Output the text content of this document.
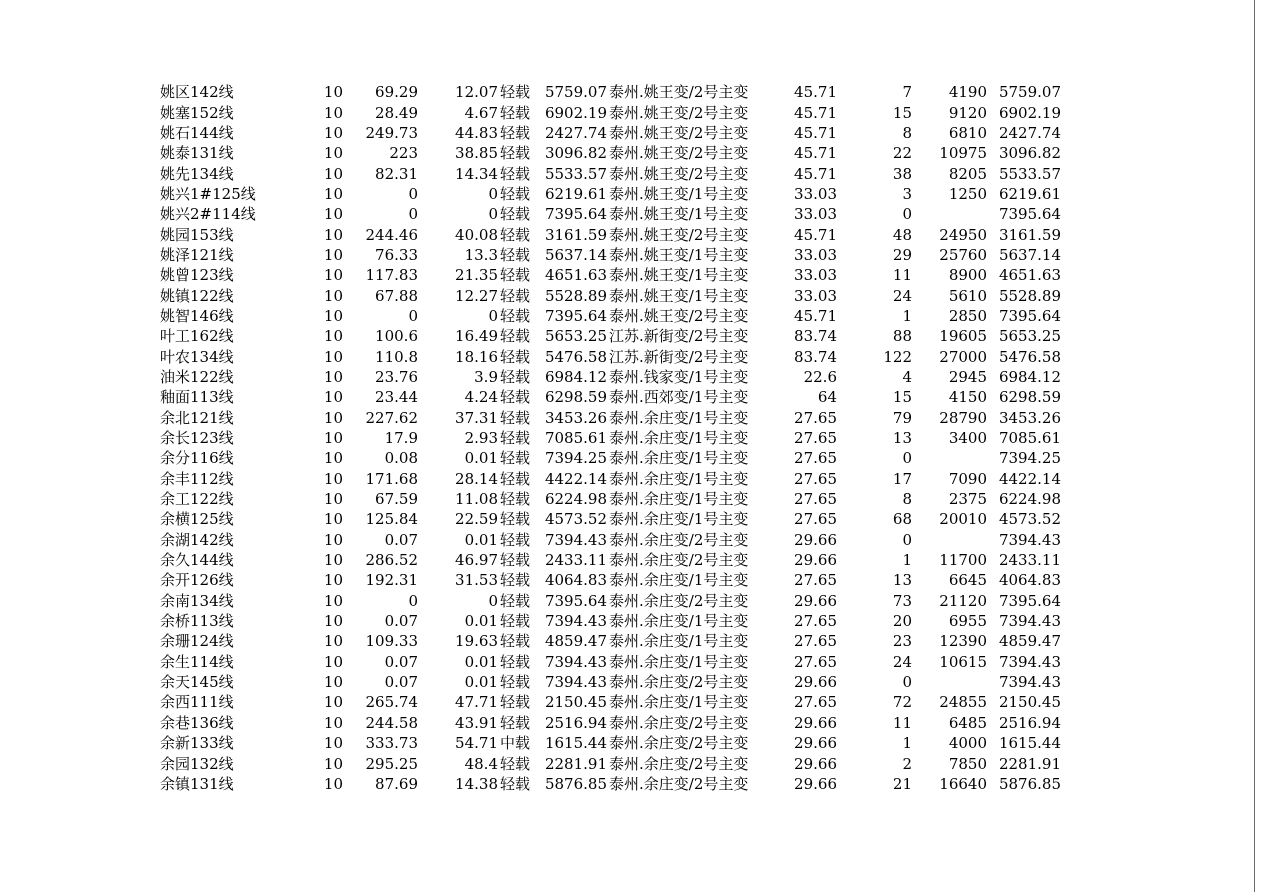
姚区142线	10	69.29	12.07	轻载	5759.07	泰州.姚王变/2号主变	45.71	7	4190	5759.07
姚塞152线	10	28.49	4.67	轻载	6902.19	泰州.姚王变/2号主变	45.71	15	9120	6902.19
姚石144线	10	249.73	44.83	轻载	2427.74	泰州.姚王变/2号主变	45.71	8	6810	2427.74
姚泰131线	10	223	38.85	轻载	3096.82	泰州.姚王变/2号主变	45.71	22	10975	3096.82
姚先134线	10	82.31	14.34	轻载	5533.57	泰州.姚王变/2号主变	45.71	38	8205	5533.57
姚兴1#125线	10	0	0	轻载	6219.61	泰州.姚王变/1号主变	33.03	3	1250	6219.61
姚兴2#114线	10	0	0	轻载	7395.64	泰州.姚王变/1号主变	33.03	0		7395.64
姚园153线	10	244.46	40.08	轻载	3161.59	泰州.姚王变/2号主变	45.71	48	24950	3161.59
姚泽121线	10	76.33	13.3	轻载	5637.14	泰州.姚王变/1号主变	33.03	29	25760	5637.14
姚曾123线	10	117.83	21.35	轻载	4651.63	泰州.姚王变/1号主变	33.03	11	8900	4651.63
姚镇122线	10	67.88	12.27	轻载	5528.89	泰州.姚王变/1号主变	33.03	24	5610	5528.89
姚智146线	10	0	0	轻载	7395.64	泰州.姚王变/2号主变	45.71	1	2850	7395.64
叶工162线	10	100.6	16.49	轻载	5653.25	江苏.新街变/2号主变	83.74	88	19605	5653.25
叶农134线	10	110.8	18.16	轻载	5476.58	江苏.新街变/2号主变	83.74	122	27000	5476.58
油米122线	10	23.76	3.9	轻载	6984.12	泰州.钱家变/1号主变	22.6	4	2945	6984.12
釉面113线	10	23.44	4.24	轻载	6298.59	泰州.西郊变/1号主变	64	15	4150	6298.59
余北121线	10	227.62	37.31	轻载	3453.26	泰州.余庄变/1号主变	27.65	79	28790	3453.26
余长123线	10	17.9	2.93	轻载	7085.61	泰州.余庄变/1号主变	27.65	13	3400	7085.61
余分116线	10	0.08	0.01	轻载	7394.25	泰州.余庄变/1号主变	27.65	0		7394.25
余丰112线	10	171.68	28.14	轻载	4422.14	泰州.余庄变/1号主变	27.65	17	7090	4422.14
余工122线	10	67.59	11.08	轻载	6224.98	泰州.余庄变/1号主变	27.65	8	2375	6224.98
余横125线	10	125.84	22.59	轻载	4573.52	泰州.余庄变/1号主变	27.65	68	20010	4573.52
余湖142线	10	0.07	0.01	轻载	7394.43	泰州.余庄变/2号主变	29.66	0		7394.43
余久144线	10	286.52	46.97	轻载	2433.11	泰州.余庄变/2号主变	29.66	1	11700	2433.11
余开126线	10	192.31	31.53	轻载	4064.83	泰州.余庄变/1号主变	27.65	13	6645	4064.83
余南134线	10	0	0	轻载	7395.64	泰州.余庄变/2号主变	29.66	73	21120	7395.64
余桥113线	10	0.07	0.01	轻载	7394.43	泰州.余庄变/1号主变	27.65	20	6955	7394.43
余珊124线	10	109.33	19.63	轻载	4859.47	泰州.余庄变/1号主变	27.65	23	12390	4859.47
余生114线	10	0.07	0.01	轻载	7394.43	泰州.余庄变/1号主变	27.65	24	10615	7394.43
余天145线	10	0.07	0.01	轻载	7394.43	泰州.余庄变/2号主变	29.66	0		7394.43
余西111线	10	265.74	47.71	轻载	2150.45	泰州.余庄变/1号主变	27.65	72	24855	2150.45
余巷136线	10	244.58	43.91	轻载	2516.94	泰州.余庄变/2号主变	29.66	11	6485	2516.94
余新133线	10	333.73	54.71	中载	1615.44	泰州.余庄变/2号主变	29.66	1	4000	1615.44
余园132线	10	295.25	48.4	轻载	2281.91	泰州.余庄变/2号主变	29.66	2	7850	2281.91
余镇131线	10	87.69	14.38	轻载	5876.85	泰州.余庄变/2号主变	29.66	21	16640	5876.85
